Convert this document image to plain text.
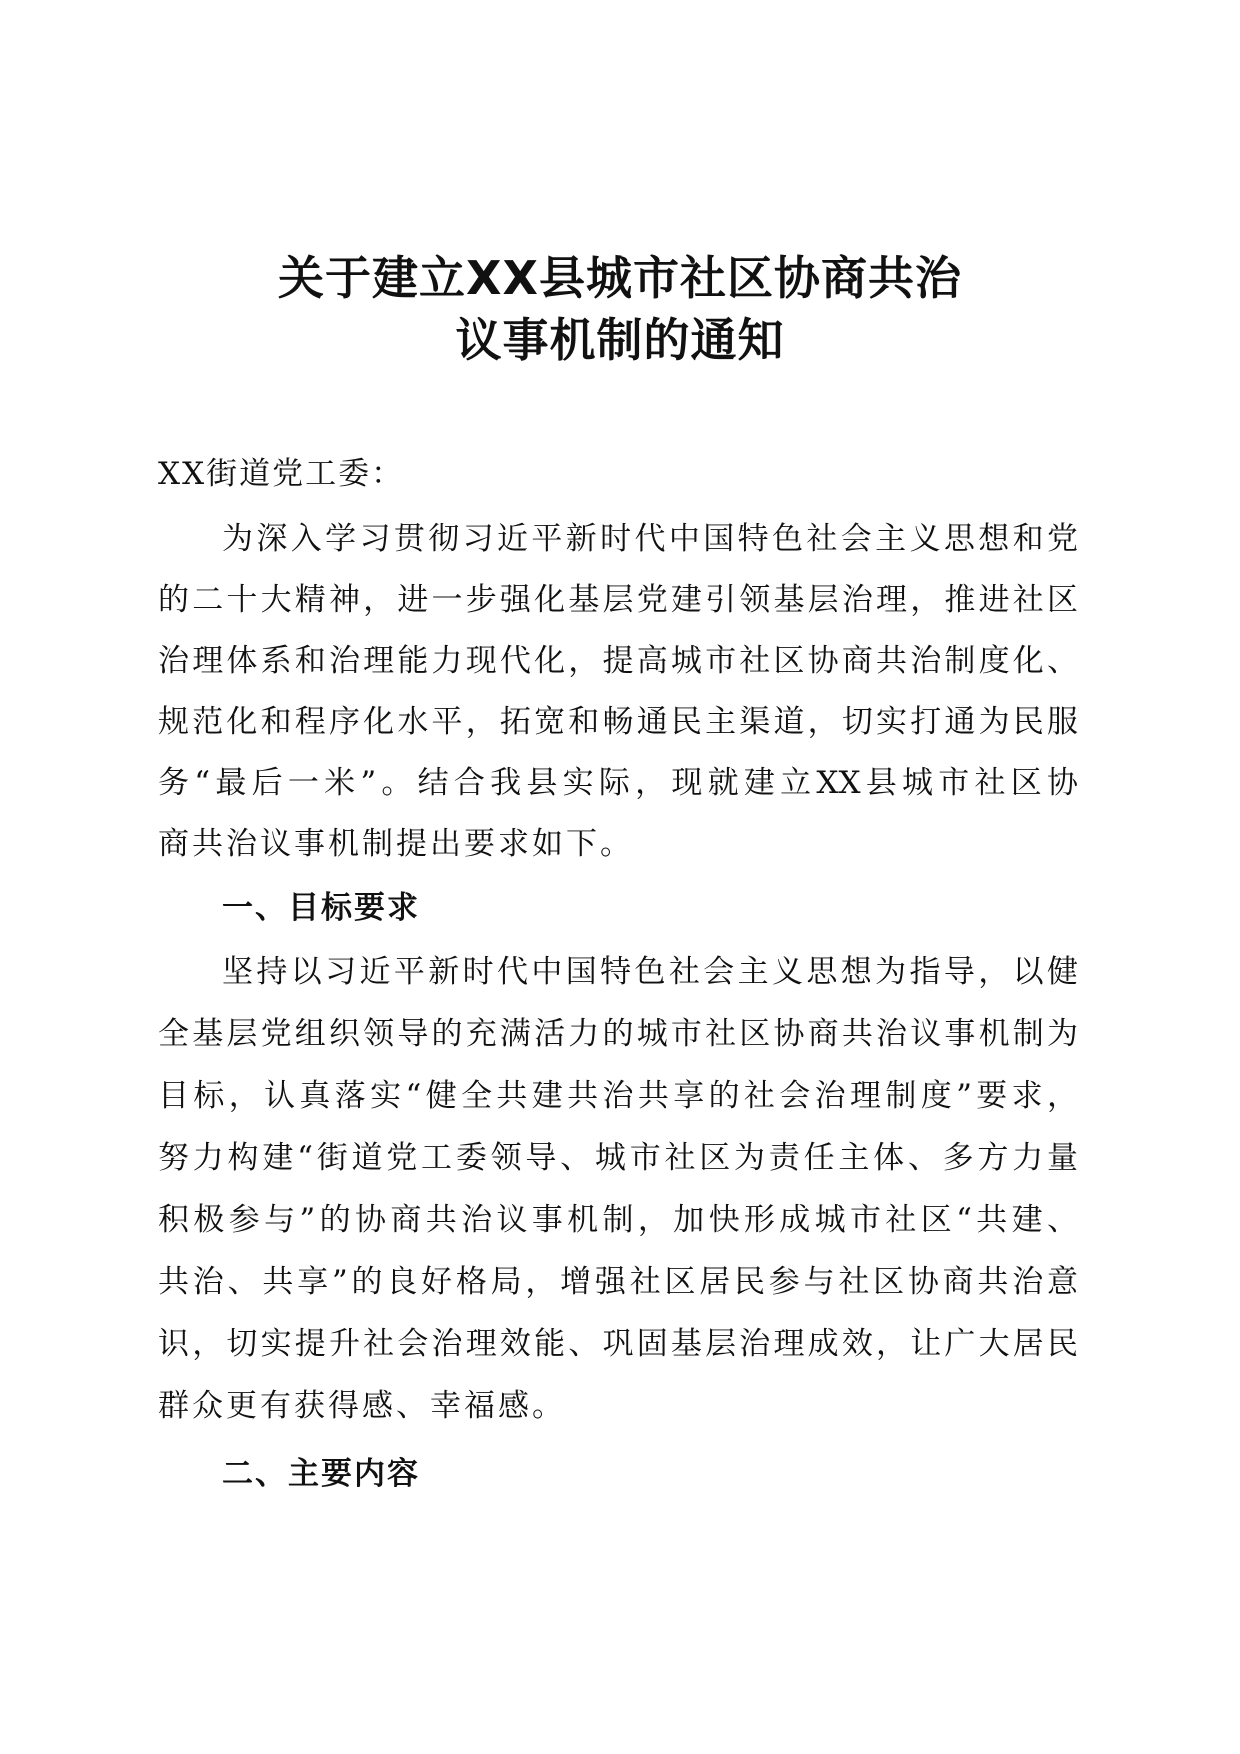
关于建立XX县城市社区协商共治
议事机制的通知
XX街道党工委：
为深入学习贯彻习近平新时代中国特色社会主义思想和党
的二十大精神，进一步强化基层党建引领基层治理，推进社区
治理体系和治理能力现代化，提高城市社区协商共治制度化、
规范化和程序化水平，拓宽和畅通民主渠道，切实打通为民服
务“最后一米”。结合我县实际，现就建立XX县城市社区协
商共治议事机制提出要求如下。
一、目标要求
坚持以习近平新时代中国特色社会主义思想为指导，以健
全基层党组织领导的充满活力的城市社区协商共治议事机制为
目标，认真落实“健全共建共治共享的社会治理制度”要求，
努力构建“街道党工委领导、城市社区为责任主体、多方力量
积极参与”的协商共治议事机制，加快形成城市社区“共建、
共治、共享”的良好格局，增强社区居民参与社区协商共治意
识，切实提升社会治理效能、巩固基层治理成效，让广大居民
群众更有获得感、幸福感。
二、主要内容
